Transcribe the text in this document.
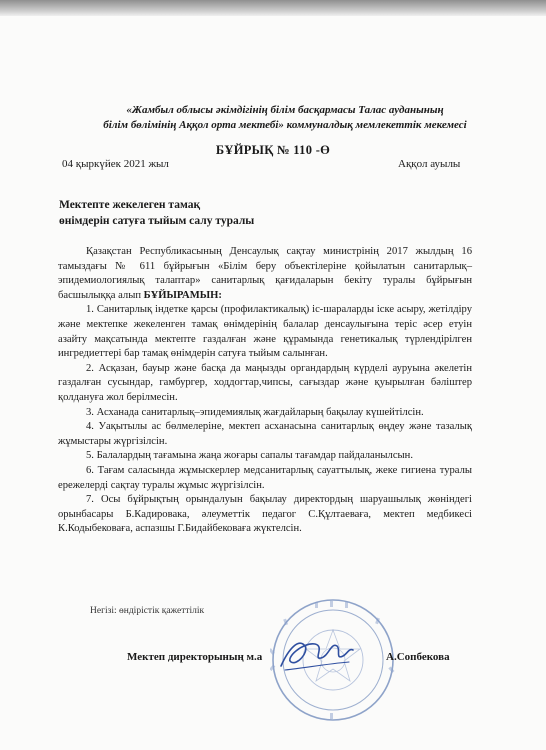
«Жамбыл облысы әкімдігінің білім басқармасы Талас ауданының
білім бөлімінің Аққол орта мектебі» коммуналдық мемлекеттік мекемесі
БҰЙРЫҚ № 110 -Ө
04 қыркүйек 2021 жыл	Аққол ауылы
Мектепте жекелеген тамақ
өнімдерін сатуға тыйым салу туралы

Қазақстан Республикасының Денсаулық сақтау министрінің 2017 жылдың 16 тамыздағы № 611 бұйрығын «Білім беру объектілеріне қойылатын санитарлық–эпидемиологиялық талаптар» санитарлық қағидаларын бекіту туралы бұйрығын басшылыққа алып БҰЙЫРАМЫН:

1. Санитарлық індетке қарсы (профилактикалық) іс-шараларды іске асыру, жетілдіру және мектепке жекеленген тамақ өнімдерінің балалар денсаулығына теріс әсер етуін азайту мақсатында мектепте газдалған және құрамында генетикалық түрлендірілген ингредиеттері бар тамақ өнімдерін сатуға тыйым салынған.

2. Асқазан, бауыр және басқа да маңызды органдардың күрделі ауруына әкелетін газдалған сусындар, гамбургер, ходдогтар,чипсы, сағыздар және қуырылған бәліштер қолдануға жол берілмесін.

3. Асханада санитарлық–эпидемиялық жағдайларың бақылау күшейтілсін.

4. Уақытылы ас бөлмелеріне, мектеп асханасына санитарлық өңдеу және тазалық жұмыстары жүргізілсін.

5. Балалардың тағамына жаңа жоғары сапалы тағамдар пайдаланылсын.

6. Тағам саласында жұмыскерлер медсанитарлық сауаттылық, жеке гигиена туралы ережелерді сақтау туралы жұмыс жүргізілсін.

7. Осы бұйрықтың орындалуын бақылау директордың шаруашылық жөніндегі орынбасары Б.Кадировака, әлеуметтік педагог С.Құлтаеваға, мектеп медбикесі К.Кодыбековаға, аспазшы Г.Бидайбековаға жүктелсін.

Негізі: өндірістік қажеттілік
Мектеп директорының м.а	А.Сопбекова
